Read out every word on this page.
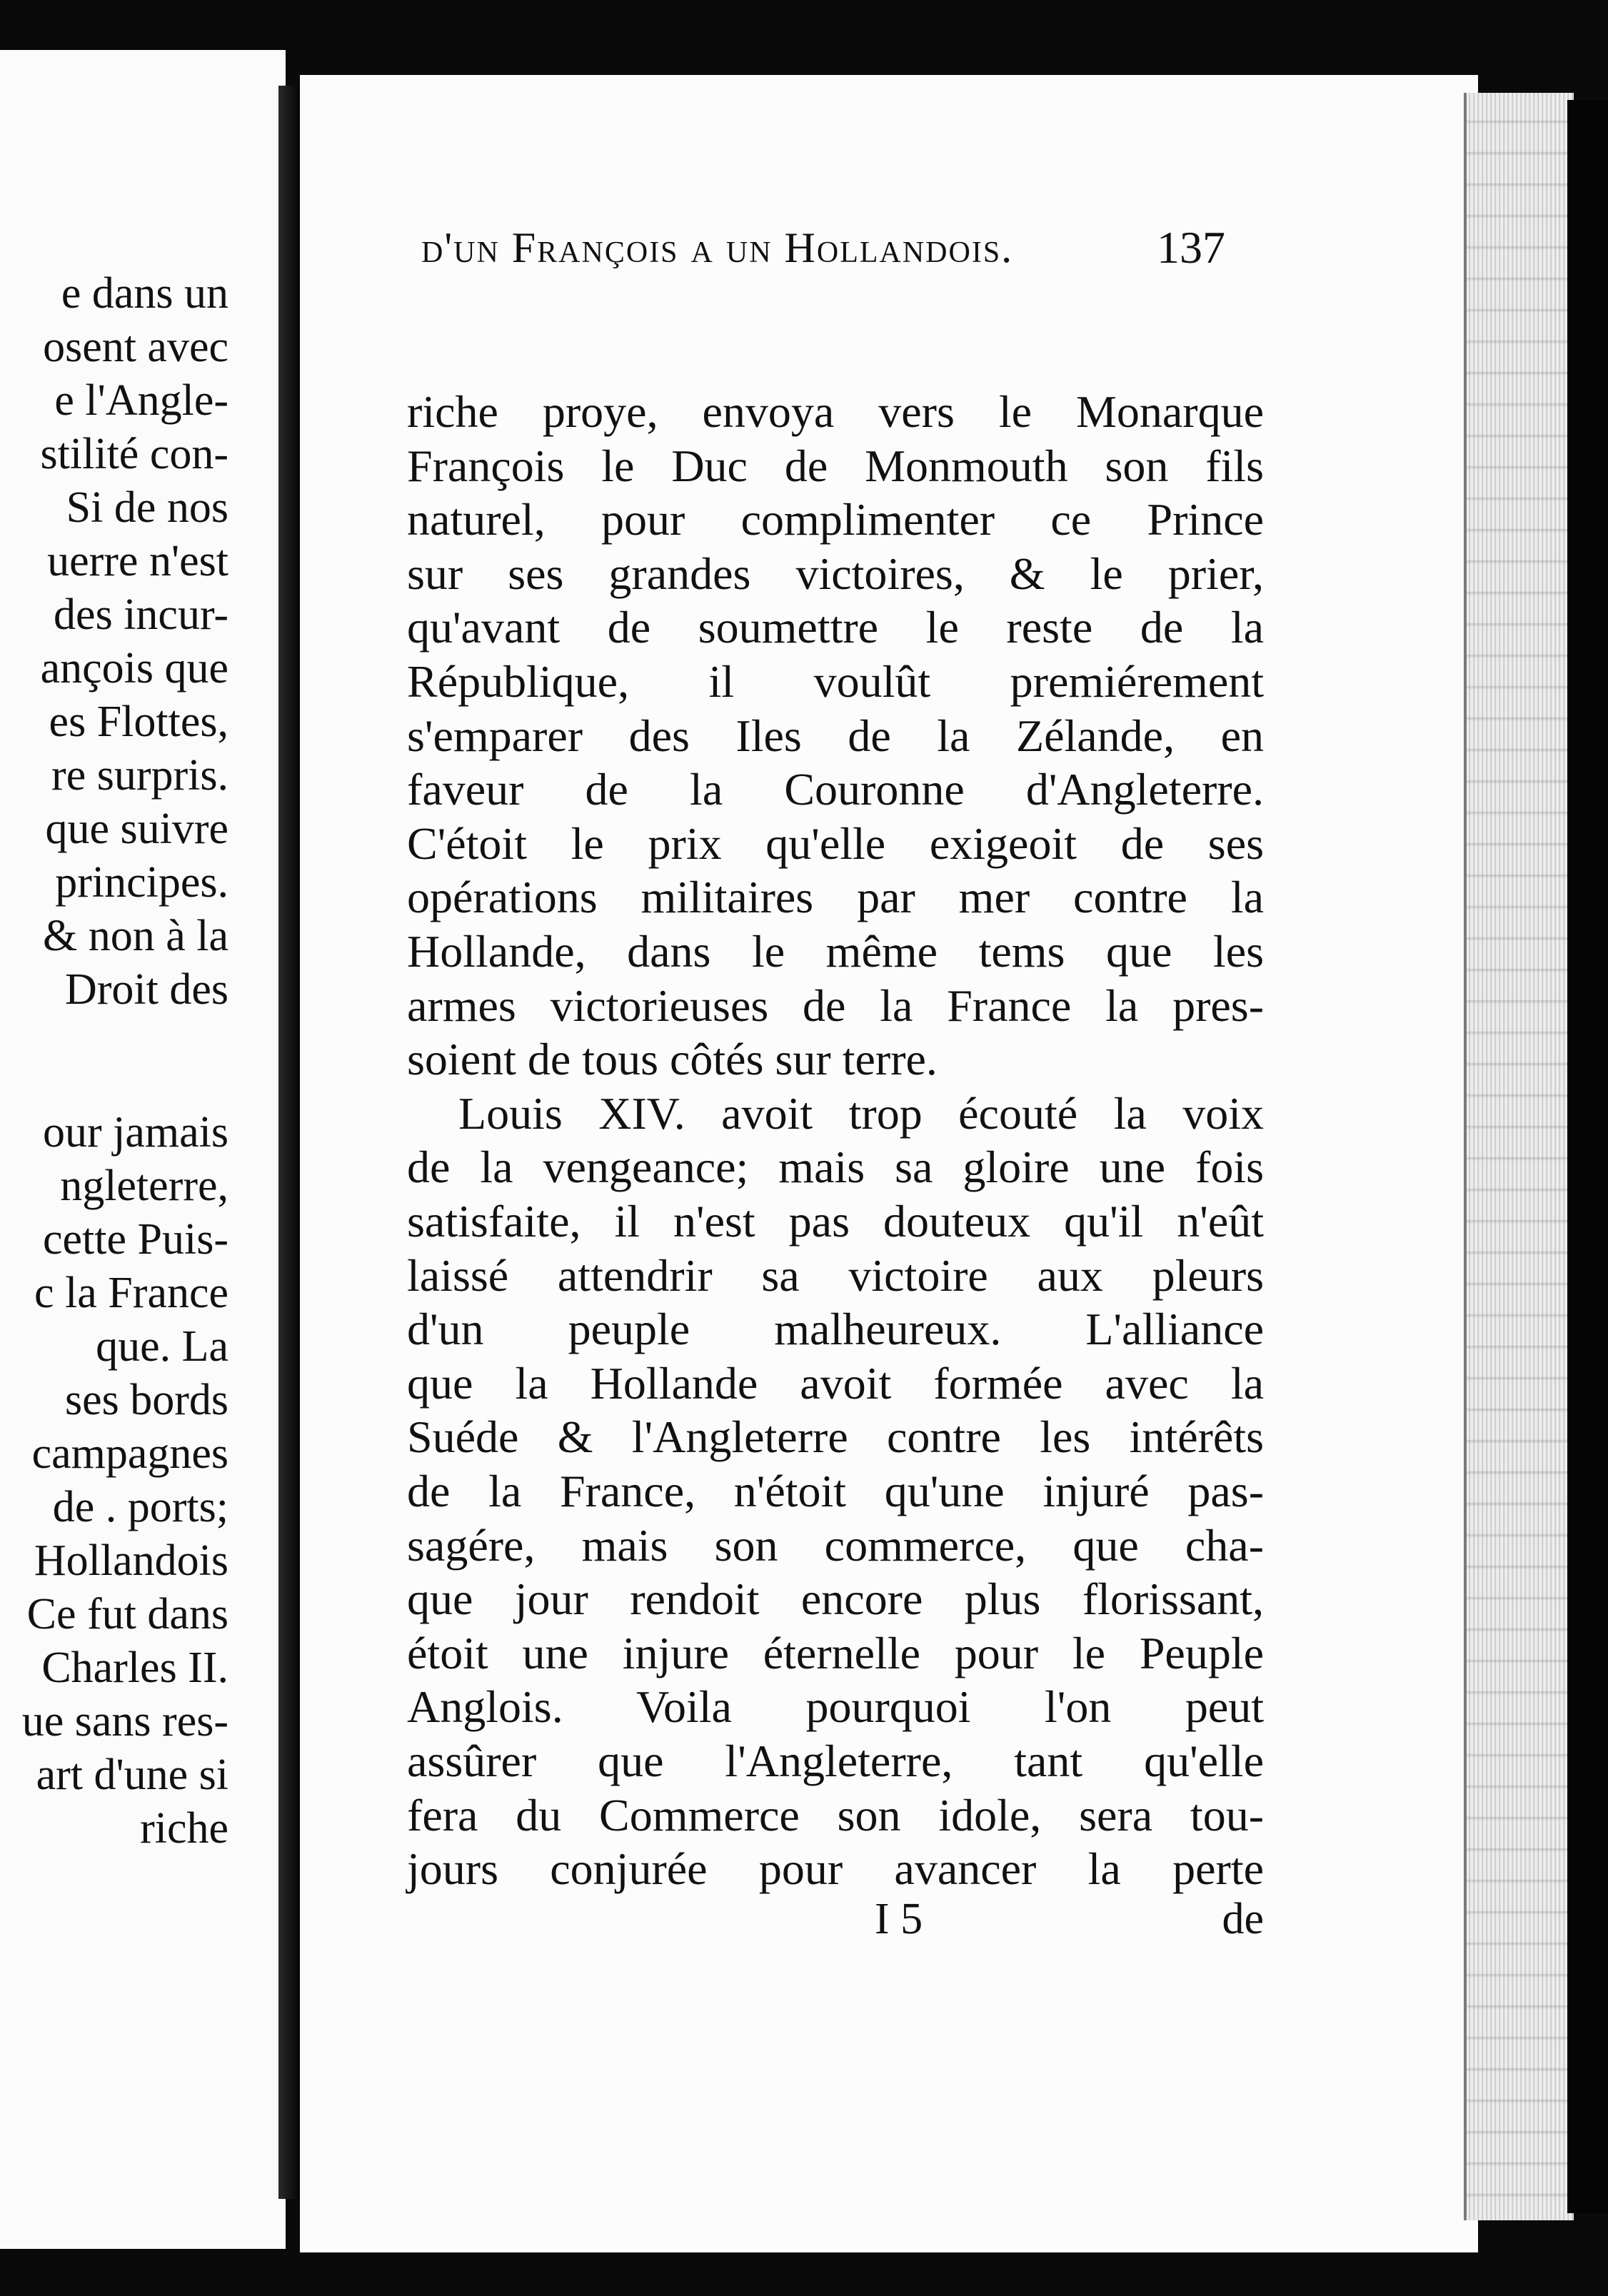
e dans un
osent avec
e l'Angle-
stilité con-
Si de nos
uerre n'est
des incur-
ançois que
es Flottes,
re surpris.
que suivre
principes.
& non à la
Droit des
our jamais
ngleterre,
cette Puis-
c la France
que. La
ses bords
campagnes
de . ports;
Hollandois
Ce fut dans
Charles II.
ue sans res-
art d'une si
riche
d'un François a un Hollandois.	137
riche proye, envoya vers le Monarque
François le Duc de Monmouth son fils
naturel, pour complimenter ce Prince
sur ses grandes victoires, & le prier,
qu'avant de soumettre le reste de la
République, il voulût premiérement
s'emparer des Iles de la Zélande, en
faveur de la Couronne d'Angleterre.
C'étoit le prix qu'elle exigeoit de ses
opérations militaires par mer contre la
Hollande, dans le même tems que les
armes victorieuses de la France la pres-
soient de tous côtés sur terre.
Louis XIV. avoit trop écouté la voix
de la vengeance; mais sa gloire une fois
satisfaite, il n'est pas douteux qu'il n'eût
laissé attendrir sa victoire aux pleurs
d'un peuple malheureux. L'alliance
que la Hollande avoit formée avec la
Suéde & l'Angleterre contre les intérêts
de la France, n'étoit qu'une injuré pas-
sagére, mais son commerce, que cha-
que jour rendoit encore plus florissant,
étoit une injure éternelle pour le Peuple
Anglois. Voila pourquoi l'on peut
assûrer que l'Angleterre, tant qu'elle
fera du Commerce son idole, sera tou-
jours conjurée pour avancer la perte
I 5	de
